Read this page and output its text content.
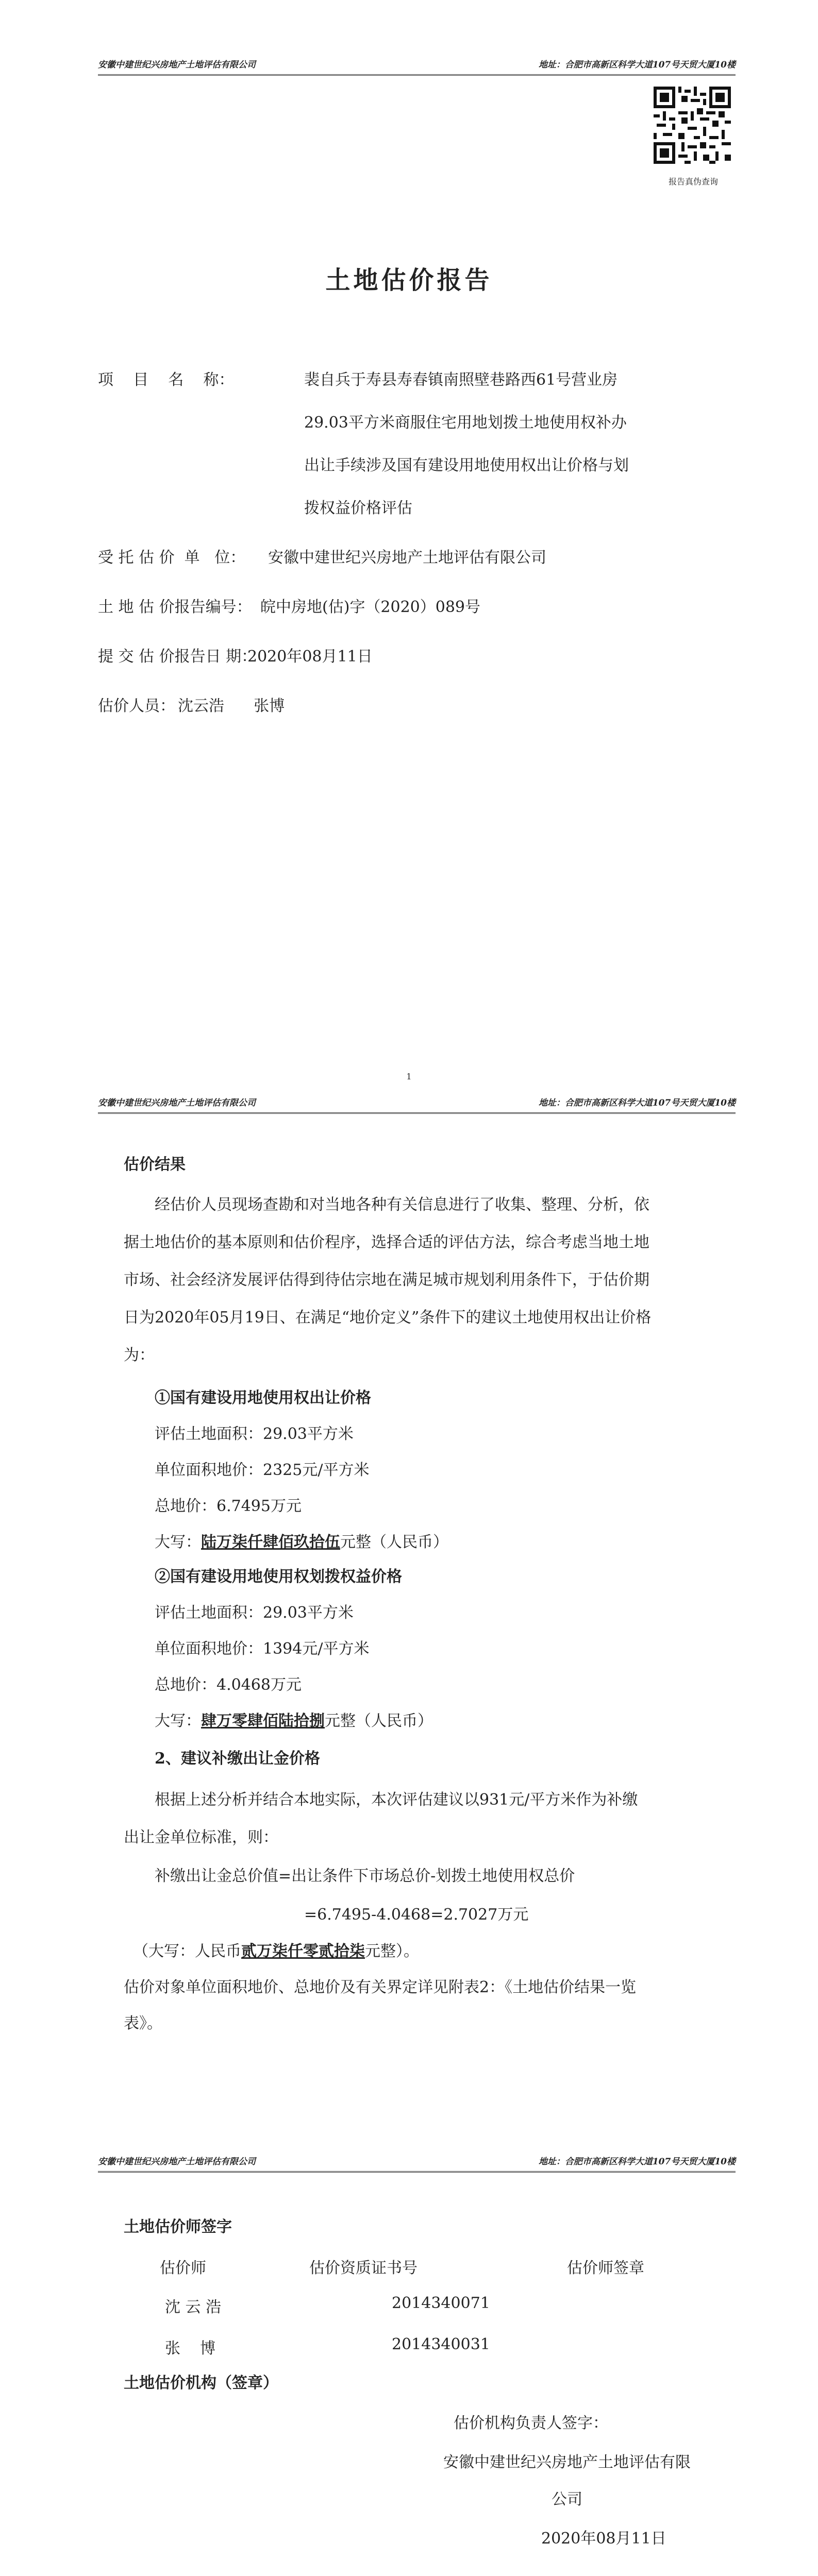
安徽中建世纪兴房地产土地评估有限公司	地址：合肥市高新区科学大道107号天贸大厦10楼
报告真伪查询
土地估价报告
项    目    名    称：	裴自兵于寿县寿春镇南照壁巷路西61号营业房
29.03平方米商服住宅用地划拨土地使用权补办
出让手续涉及国有建设用地使用权出让价格与划
拨权益价格评估
受 托 估 价  单   位： 安徽中建世纪兴房地产土地评估有限公司
土 地 估 价报告编号： 皖中房地(估)字（2020）089号
提 交 估 价报告日 期：
2020年08月11日
估价人员： 沈云浩      张博
1
安徽中建世纪兴房地产土地评估有限公司	地址：合肥市高新区科学大道107号天贸大厦10楼
估价结果
经估价人员现场查勘和对当地各种有关信息进行了收集、整理、分析，依
据土地估价的基本原则和估价程序，选择合适的评估方法，综合考虑当地土地
市场、社会经济发展评估得到待估宗地在满足城市规划利用条件下，于估价期
日为2020年05月19日、在满足“地价定义”条件下的建议土地使用权出让价格
为：
①国有建设用地使用权出让价格
评估土地面积：29.03平方米
单位面积地价：2325元/平方米
总地价：6.7495万元
大写：陆万柒仟肆佰玖拾伍元整（人民币）
②国有建设用地使用权划拨权益价格
评估土地面积：29.03平方米
单位面积地价：1394元/平方米
总地价：4.0468万元
大写：肆万零肆佰陆拾捌元整（人民币）
2、建议补缴出让金价格
根据上述分析并结合本地实际，本次评估建议以931元/平方米作为补缴
出让金单位标准，则：
补缴出让金总价值=出让条件下市场总价-划拨土地使用权总价
=6.7495-4.0468=2.7027万元
（大写：人民币贰万柒仟零贰拾柒元整）。
估价对象单位面积地价、总地价及有关界定详见附表2：《土地估价结果一览
表》。
安徽中建世纪兴房地产土地评估有限公司	地址：合肥市高新区科学大道107号天贸大厦10楼
土地估价师签字
估价师	估价资质证书号	估价师签章
沈 云 浩	2014340071
张    博	2014340031
土地估价机构（签章）
估价机构负责人签字：
安徽中建世纪兴房地产土地评估有限
公司
2020年08月11日
